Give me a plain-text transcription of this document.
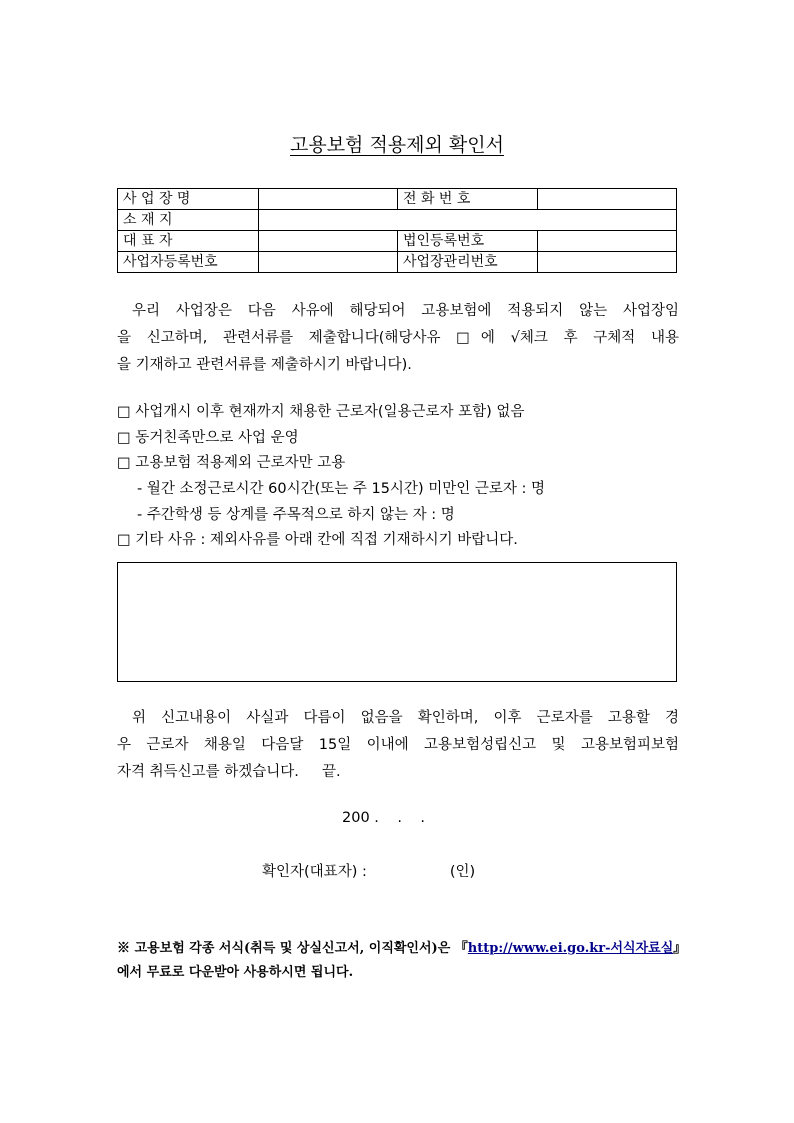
고용보험 적용제외 확인서
사 업 장 명		전 화 번 호	
소 재 지			
대 표 자		법인등록번호	
사업자등록번호		사업장관리번호	
우리 사업장은 다음 사유에 해당되어 고용보험에 적용되지 않는 사업장임
을 신고하며, 관련서류를 제출합니다(해당사유 □에 √체크 후 구체적 내용
을 기재하고 관련서류를 제출하시기 바랍니다).
□ 사업개시 이후 현재까지 채용한 근로자(일용근로자 포함) 없음
□ 동거친족만으로 사업 운영
□ 고용보험 적용제외 근로자만 고용
- 월간 소정근로시간 60시간(또는 주 15시간) 미만인 근로자 : 명
- 주간학생 등 상계를 주목적으로 하지 않는 자 : 명
□ 기타 사유 : 제외사유를 아래 칸에 직접 기재하시기 바랍니다.
위 신고내용이 사실과 다름이 없음을 확인하며, 이후 근로자를 고용할 경
우 근로자 채용일 다음달 15일 이내에 고용보험성립신고 및 고용보험피보험
자격 취득신고를 하겠습니다.     끝.
200 .    .    .
확인자(대표자) :                  (인)
※ 고용보험 각종 서식(취득 및 상실신고서, 이직확인서)은 『http://www.ei.go.kr-서식자료실』에서 무료로 다운받아 사용하시면 됩니다.
